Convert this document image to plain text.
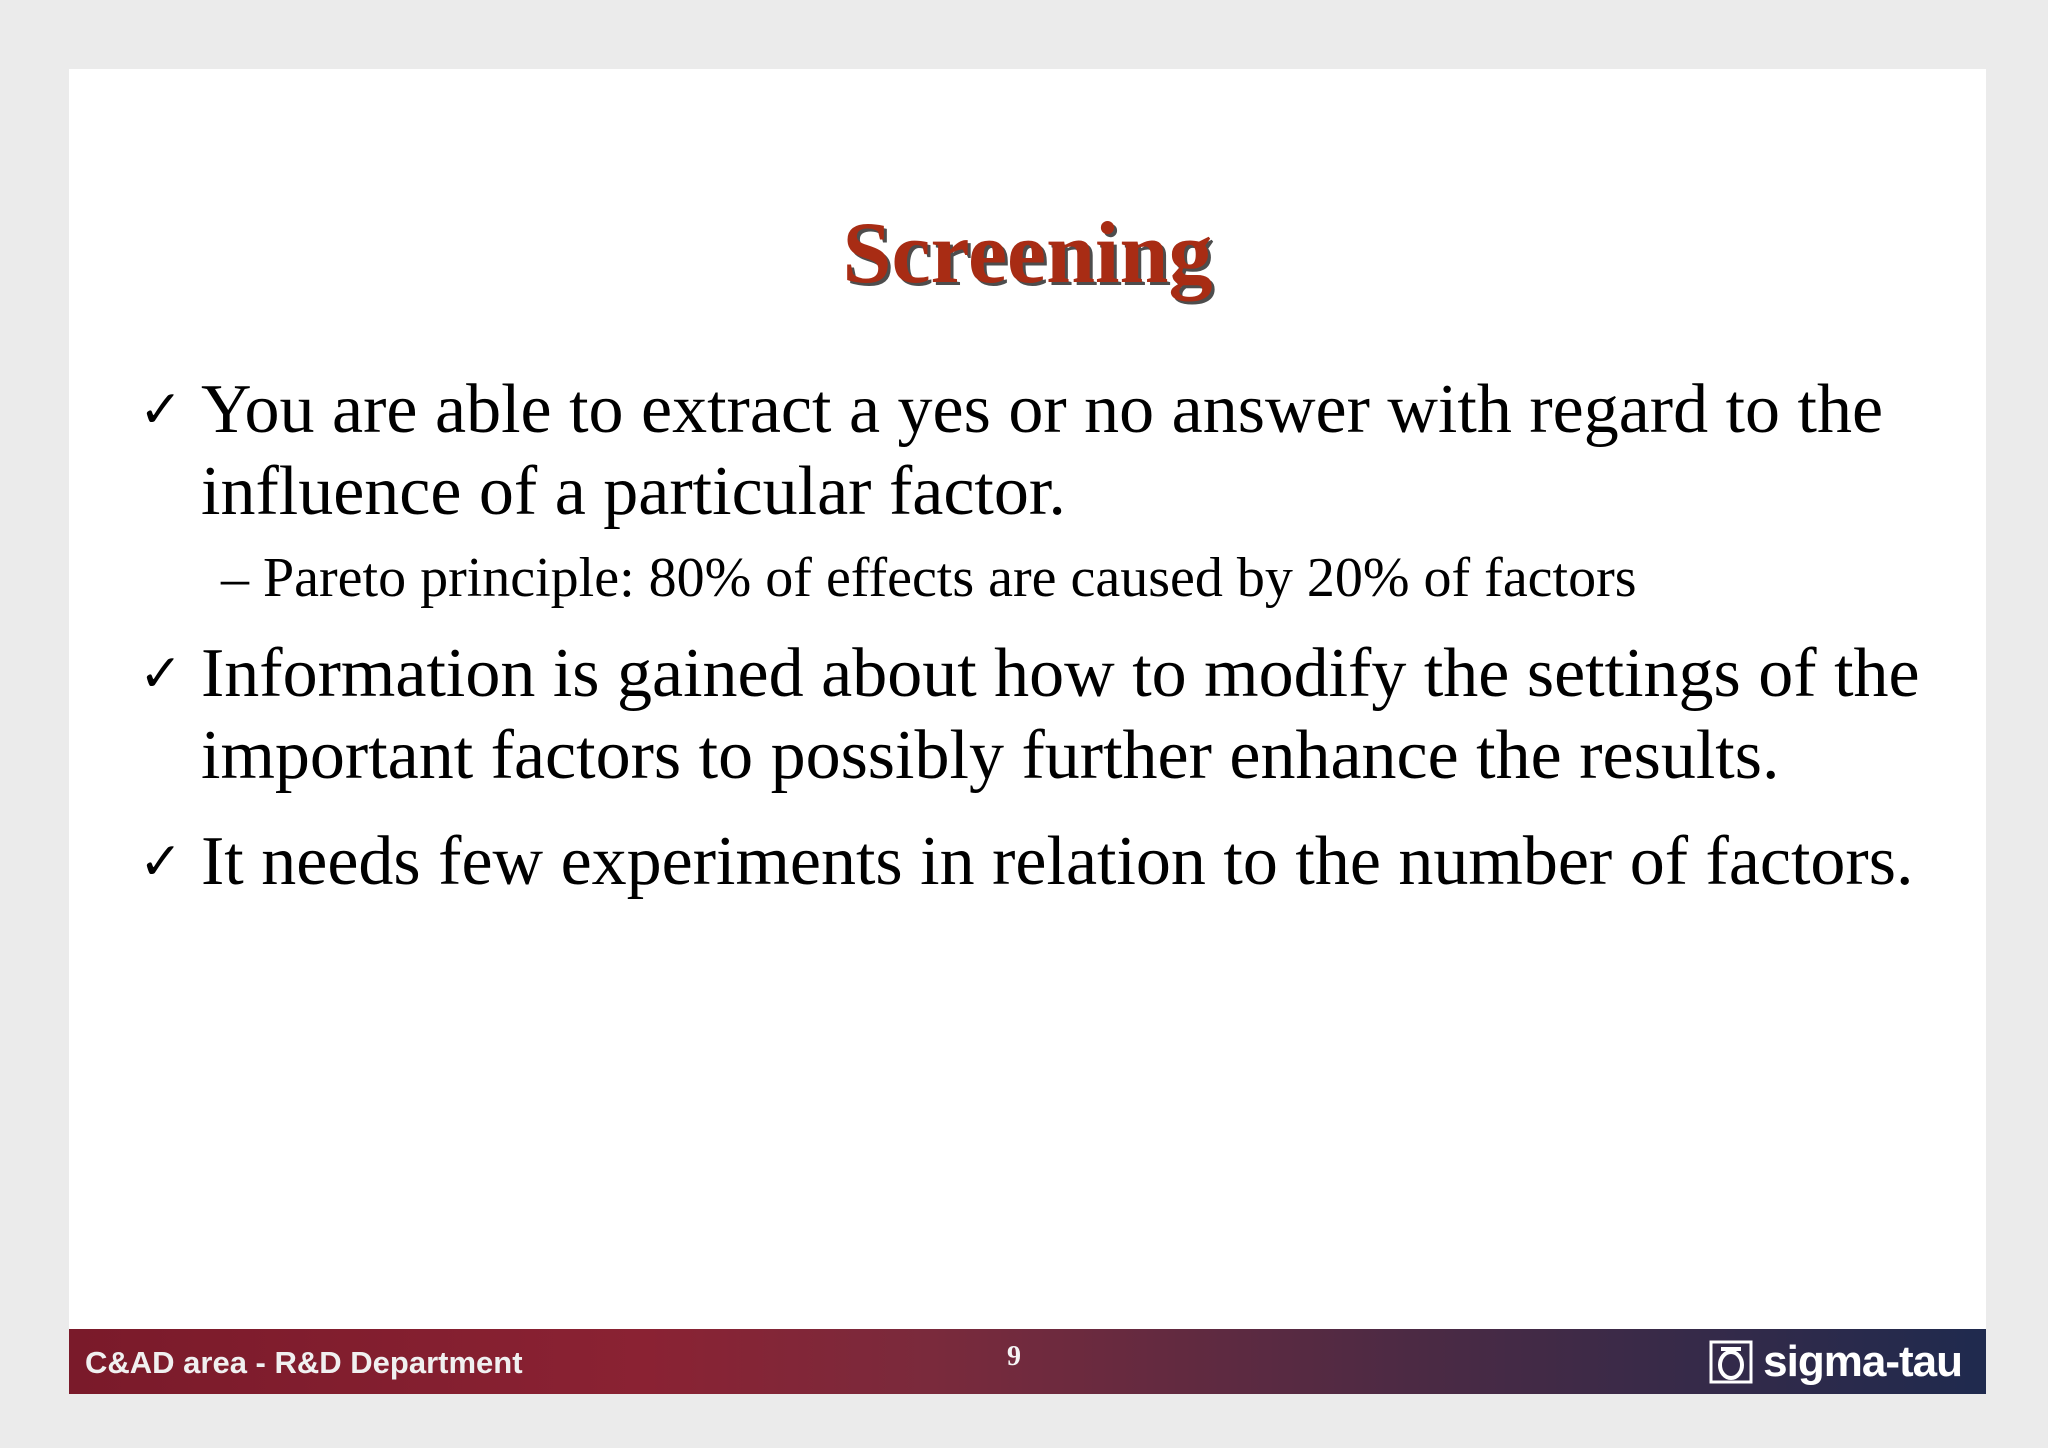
Screening
✓ You are able to extract a yes or no answer with regard to the influence of a particular factor.
– Pareto principle: 80% of effects are caused by 20% of factors
✓ Information is gained about how to modify the settings of the important factors to possibly further enhance the results.
✓ It needs few experiments in relation to the number of factors.
C&AD area - R&D Department	9	sigma-tau
